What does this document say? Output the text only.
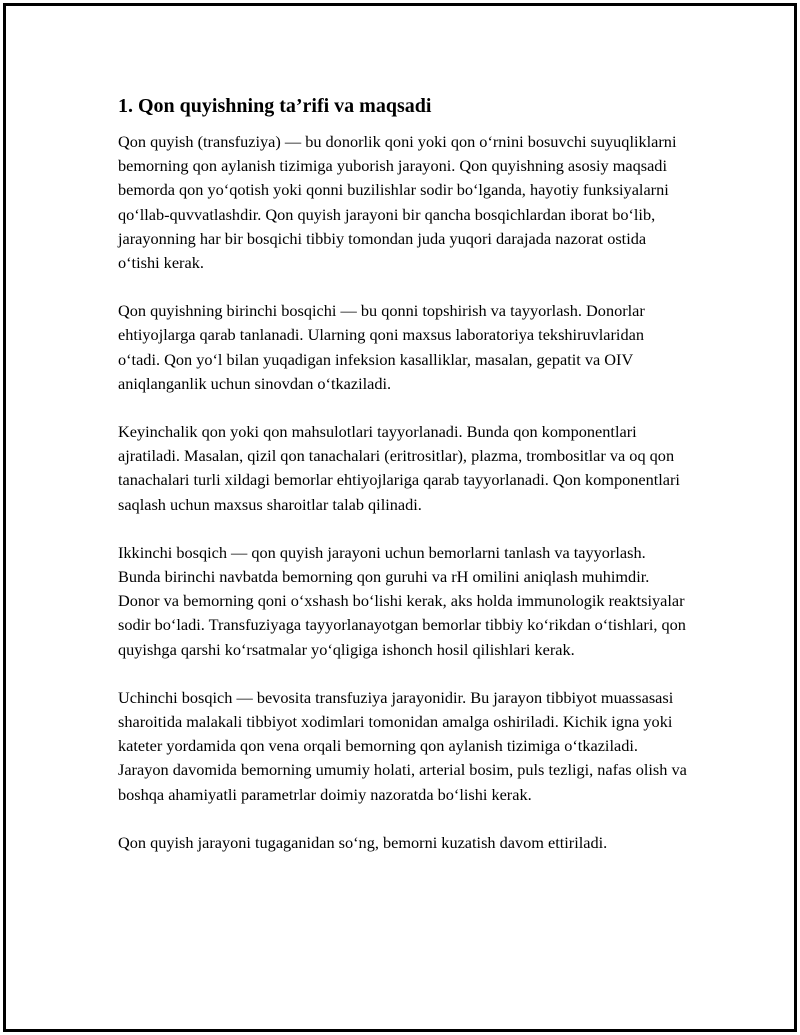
1. Qon quyishning ta’rifi va maqsadi

Qon quyish (transfuziya) — bu donorlik qoni yoki qon o‘rnini bosuvchi suyuqliklarni bemorning qon aylanish tizimiga yuborish jarayoni. Qon quyishning asosiy maqsadi bemorda qon yo‘qotish yoki qonni buzilishlar sodir bo‘lganda, hayotiy funksiyalarni qo‘llab-quvvatlashdir. Qon quyish jarayoni bir qancha bosqichlardan iborat bo‘lib, jarayonning har bir bosqichi tibbiy tomondan juda yuqori darajada nazorat ostida o‘tishi kerak.

Qon quyishning birinchi bosqichi — bu qonni topshirish va tayyorlash. Donorlar ehtiyojlarga qarab tanlanadi. Ularning qoni maxsus laboratoriya tekshiruvlaridan o‘tadi. Qon yo‘l bilan yuqadigan infeksion kasalliklar, masalan, gepatit va OIV aniqlanganlik uchun sinovdan o‘tkaziladi.

Keyinchalik qon yoki qon mahsulotlari tayyorlanadi. Bunda qon komponentlari ajratiladi. Masalan, qizil qon tanachalari (eritrositlar), plazma, trombositlar va oq qon tanachalari turli xildagi bemorlar ehtiyojlariga qarab tayyorlanadi. Qon komponentlari saqlash uchun maxsus sharoitlar talab qilinadi.

Ikkinchi bosqich — qon quyish jarayoni uchun bemorlarni tanlash va tayyorlash. Bunda birinchi navbatda bemorning qon guruhi va rH omilini aniqlash muhimdir. Donor va bemorning qoni o‘xshash bo‘lishi kerak, aks holda immunologik reaktsiyalar sodir bo‘ladi. Transfuziyaga tayyorlanayotgan bemorlar tibbiy ko‘rikdan o‘tishlari, qon quyishga qarshi ko‘rsatmalar yo‘qligiga ishonch hosil qilishlari kerak.

Uchinchi bosqich — bevosita transfuziya jarayonidir. Bu jarayon tibbiyot muassasasi sharoitida malakali tibbiyot xodimlari tomonidan amalga oshiriladi. Kichik igna yoki kateter yordamida qon vena orqali bemorning qon aylanish tizimiga o‘tkaziladi. Jarayon davomida bemorning umumiy holati, arterial bosim, puls tezligi, nafas olish va boshqa ahamiyatli parametrlar doimiy nazoratda bo‘lishi kerak.

Qon quyish jarayoni tugaganidan so‘ng, bemorni kuzatish davom ettiriladi.
